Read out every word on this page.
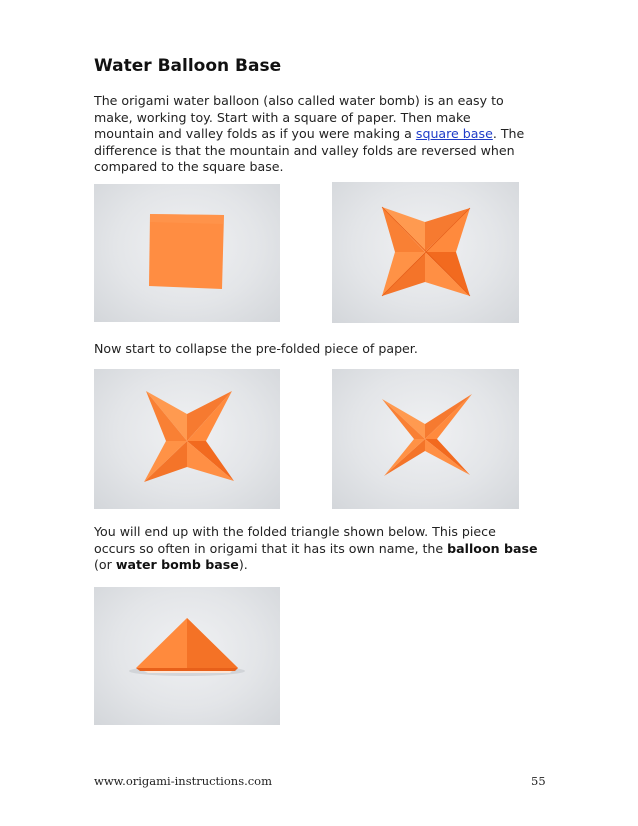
Water Balloon Base

The origami water balloon (also called water bomb) is an easy to
make, working toy. Start with a square of paper. Then make
mountain and valley folds as if you were making a square base. The
difference is that the mountain and valley folds are reversed when
compared to the square base.

Now start to collapse the pre-folded piece of paper.

You will end up with the folded triangle shown below. This piece
occurs so often in origami that it has its own name, the balloon base
(or water bomb base).

www.origami-instructions.com	55
